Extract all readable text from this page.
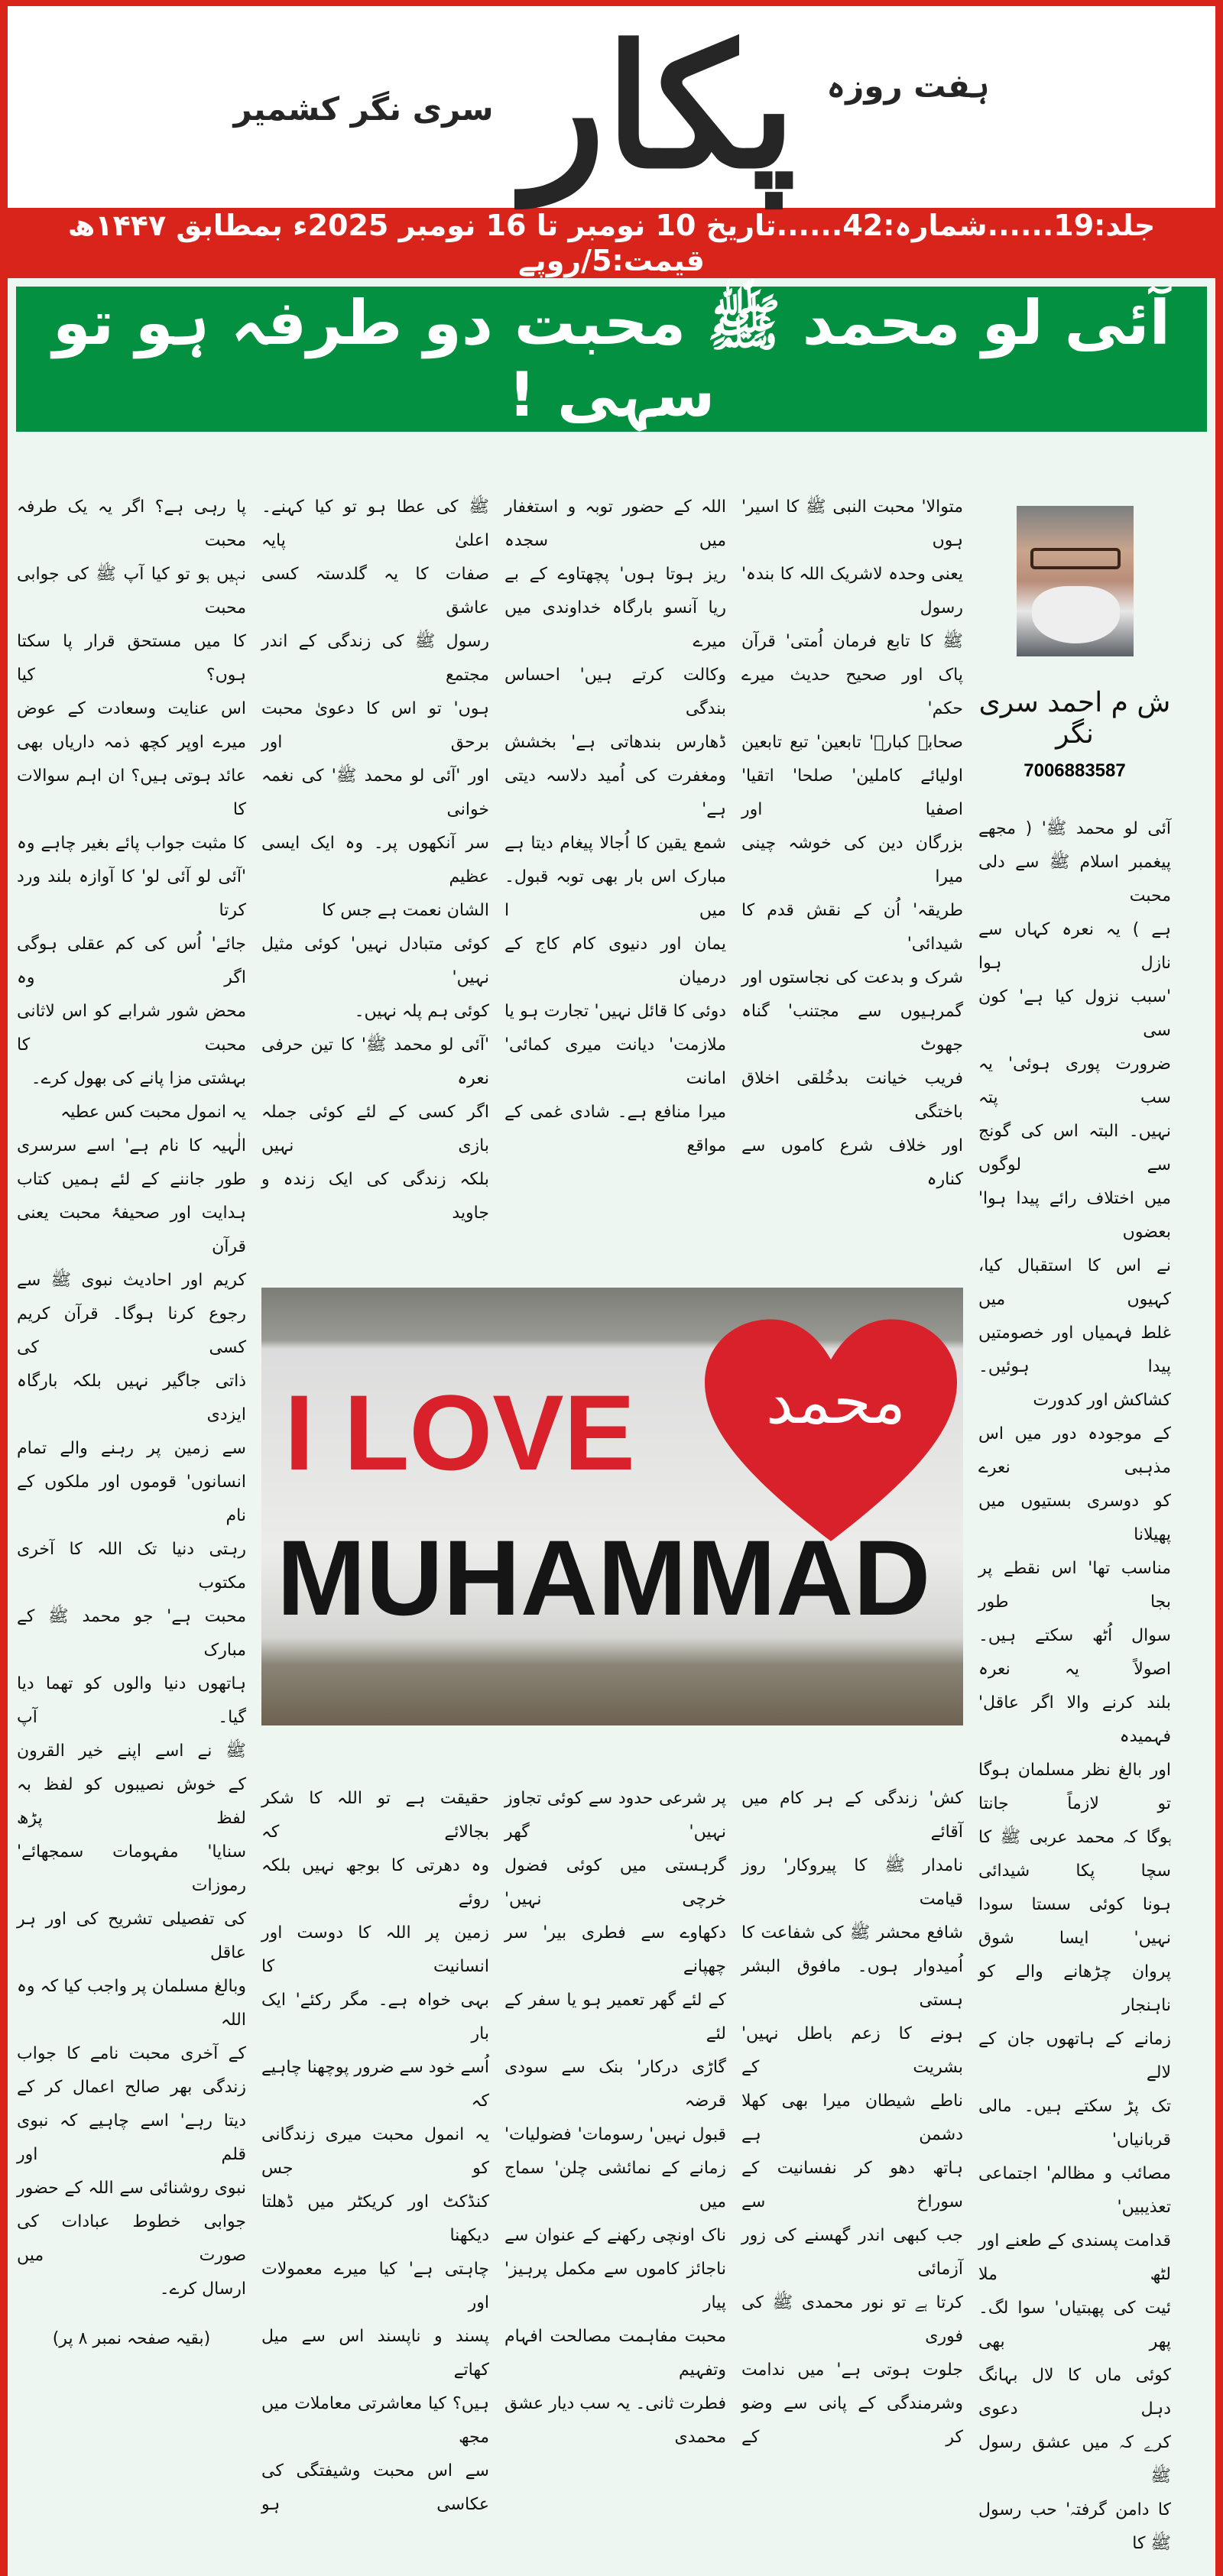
سری نگر کشمیر پکار ہفت روزہ
جلد:19......شمارہ:42......تاریخ 10 نومبر تا 16 نومبر 2025ء بمطابق ۱۴۴۷ھ قیمت:5/روپے
آئی لو محمد ﷺ محبت دو طرفہ ہو تو سہی !
پا رہی ہے؟ اگر یہ یک طرفہ محبت
نہیں ہو تو کیا آپ ﷺ کی جوابی محبت
کا میں مستحق قرار پا سکتا ہوں؟ کیا
اس عنایت وسعادت کے عوض
میرے اوپر کچھ ذمہ داریاں بھی
عائد ہوتی ہیں؟ ان اہم سوالات کا
کا مثبت جواب پائے بغیر چاہے وہ
'آئی لو آئی لو' کا آوازہ بلند ورد کرتا
جائے' اُس کی کم عقلی ہوگی اگر وہ
محض شور شرابے کو اس لاثانی محبت کا
بہشتی مزا پانے کی بھول کرے۔
یہ انمول محبت کس عطیہ
الٰہیہ کا نام ہے' اسے سرسری
طور جاننے کے لئے ہمیں کتاب
ہدایت اور صحیفۂ محبت یعنی قرآن
کریم اور احادیث نبوی ﷺ سے
رجوع کرنا ہوگا۔ قرآن کریم کسی کی
ذاتی جاگیر نہیں بلکہ بارگاہ ایزدی
سے زمین پر رہنے والے تمام
انسانوں' قوموں اور ملکوں کے نام
رہتی دنیا تک اللہ کا آخری مکتوب
محبت ہے' جو محمد ﷺ کے مبارک
ہاتھوں دنیا والوں کو تھما دیا گیا۔ آپ
ﷺ نے اسے اپنے خیر القرون
کے خوش نصیبوں کو لفظ بہ لفظ پڑھ
سنایا' مفہومات سمجھائے' رموزات
کی تفصیلی تشریح کی اور ہر عاقل
وبالغ مسلمان پر واجب کیا کہ وہ اللہ
کے آخری محبت نامے کا جواب
زندگی بھر صالح اعمال کر کے
دیتا رہے' اسے چاہیے کہ نبوی قلم اور
نبوی روشنائی سے اللہ کے حضور
جوابی خطوط عبادات کی صورت میں
ارسال کرے۔
(بقیہ صفحہ نمبر ۸ پر)
ﷺ کی عطا ہو تو کیا کہنے۔ اعلیٰ پایہ
صفات کا یہ گلدستہ کسی عاشق
رسول ﷺ کی زندگی کے اندر مجتمع
ہوں' تو اس کا دعویٰ محبت برحق اور
اور 'آئی لو محمد ﷺ' کی نغمہ خوانی
سر آنکھوں پر۔ وہ ایک ایسی عظیم
الشان نعمت ہے جس کا
کوئی متبادل نہیں' کوئی مثیل نہیں'
کوئی ہم پلہ نہیں۔
'آئی لو محمد ﷺ' کا تین حرفی نعرہ
اگر کسی کے لئے کوئی جملہ بازی نہیں
بلکہ زندگی کی ایک زندہ و جاوید
اللہ کے حضور توبہ و استغفار میں سجدہ
ریز ہوتا ہوں' پچھتاوے کے بے
ریا آنسو بارگاہ خداوندی میں میرے
وکالت کرتے ہیں' احساس بندگی
ڈھارس بندھاتی ہے' بخشش
ومغفرت کی اُمید دلاسہ دیتی ہے'
شمع یقین کا اُجالا پیغام دیتا ہے
مبارک اس بار بھی توبہ قبول۔ میں ا
یمان اور دنیوی کام کاج کے درمیان
دوئی کا قائل نہیں' تجارت ہو یا
ملازمت' دیانت میری کمائی' امانت
میرا منافع ہے۔ شادی غمی کے مواقع
متوالا' محبت النبی ﷺ کا اسیر' ہوں
یعنی وحدہ لاشریک اللہ کا بندہ' رسول
ﷺ کا تابع فرمان اُمتی' قرآن
پاک اور صحیح حدیث میرے حکم'
صحابہ کبارؓ' تابعین' تبع تابعین
اولیائے کاملین' صلحا' اتقیا' اصفیا اور
بزرگان دین کی خوشہ چینی میرا
طریقہ' اُن کے نقش قدم کا شیدائی'
شرک و بدعت کی نجاستوں اور
گمرہیوں سے مجتنب' گناہ جھوٹ
فریب خیانت بدخُلقی اخلاق باختگی
اور خلاف شرع کاموں سے کنارہ
I LOVE محمد
MUHAMMAD
حقیقت ہے تو اللہ کا شکر بجالائے کہ
وہ دھرتی کا بوجھ نہیں بلکہ روئے
زمین پر اللہ کا دوست اور انسانیت کا
بہی خواہ ہے۔ مگر رکئے' ایک بار
اُسے خود سے ضرور پوچھنا چاہیے کہ
یہ انمول محبت میری زندگانی کو جس
کنڈکٹ اور کریکٹر میں ڈھلتا دیکھنا
چاہتی ہے' کیا میرے معمولات اور
پسند و ناپسند اس سے میل کھاتے
ہیں؟ کیا معاشرتی معاملات میں مجھ
سے اس محبت وشیفتگی کی عکاسی ہو
پر شرعی حدود سے کوئی تجاوز نہیں' گھر
گرہستی میں کوئی فضول خرچی نہیں'
دکھاوے سے فطری بیر' سر چھپانے
کے لئے گھر تعمیر ہو یا سفر کے لئے
گاڑی درکار' بنک سے سودی قرضہ
قبول نہیں' رسومات' فضولیات'
زمانے کے نمائشی چلن' سماج میں
ناک اونچی رکھنے کے عنوان سے
ناجائز کاموں سے مکمل پرہیز' پیار
محبت مفاہمت مصالحت افہام وتفہیم
فطرت ثانی۔ یہ سب دیار عشق محمدی
کش' زندگی کے ہر کام میں آقائے
نامدار ﷺ کا پیروکار' روز قیامت
شافع محشر ﷺ کی شفاعت کا
اُمیدوار ہوں۔ مافوق البشر ہستی
ہونے کا زعم باطل نہیں' بشریت کے
ناطے شیطان میرا بھی کھلا دشمن ہے
ہاتھ دھو کر نفسانیت کے سوراخ سے
جب کبھی اندر گھسنے کی زور آزمائی
کرتا ہے تو نور محمدی ﷺ کی فوری
جلوت ہوتی ہے' میں ندامت
وشرمندگی کے پانی سے وضو کر کے
ش م احمد سری نگر
7006883587
آئی لو محمد ﷺ' ( مجھے
پیغمبر اسلام ﷺ سے دلی محبت
ہے ) یہ نعرہ کہاں سے نازل ہوا
'سبب نزول کیا ہے' کون سی
ضرورت پوری ہوئی' یہ سب پتہ
نہیں۔ البتہ اس کی گونج سے لوگوں
میں اختلاف رائے پیدا ہوا' بعضوں
نے اس کا استقبال کیا، کہیوں میں
غلط فہمیاں اور خصومتیں پیدا ہوئیں۔
کشاکش اور کدورت
کے موجودہ دور میں اس مذہبی نعرے
کو دوسری بستیوں میں پھیلانا
مناسب تھا' اس نقطے پر بجا طور
سوال اُٹھ سکتے ہیں۔ اصولاً یہ نعرہ
بلند کرنے والا اگر عاقل' فہمیدہ
اور بالغ نظر مسلمان ہوگا تو لازماً جانتا
ہوگا کہ محمد عربی ﷺ کا سچا پکا شیدائی
ہونا کوئی سستا سودا نہیں' ایسا شوق
پروان چڑھانے والے کو ناہنجار
زمانے کے ہاتھوں جان کے لالے
تک پڑ سکتے ہیں۔ مالی قربانیاں'
مصائب و مظالم' اجتماعی تعذیبیں'
قدامت پسندی کے طعنے اور لٹھ ملا
ئیت کی پھبتیاں' سوا لگ۔ پھر بھی
کوئی ماں کا لال بہانگ دہل دعوی
کرے کہ میں عشق رسول ﷺ
کا دامن گرفتہ' حب رسول ﷺ کا
